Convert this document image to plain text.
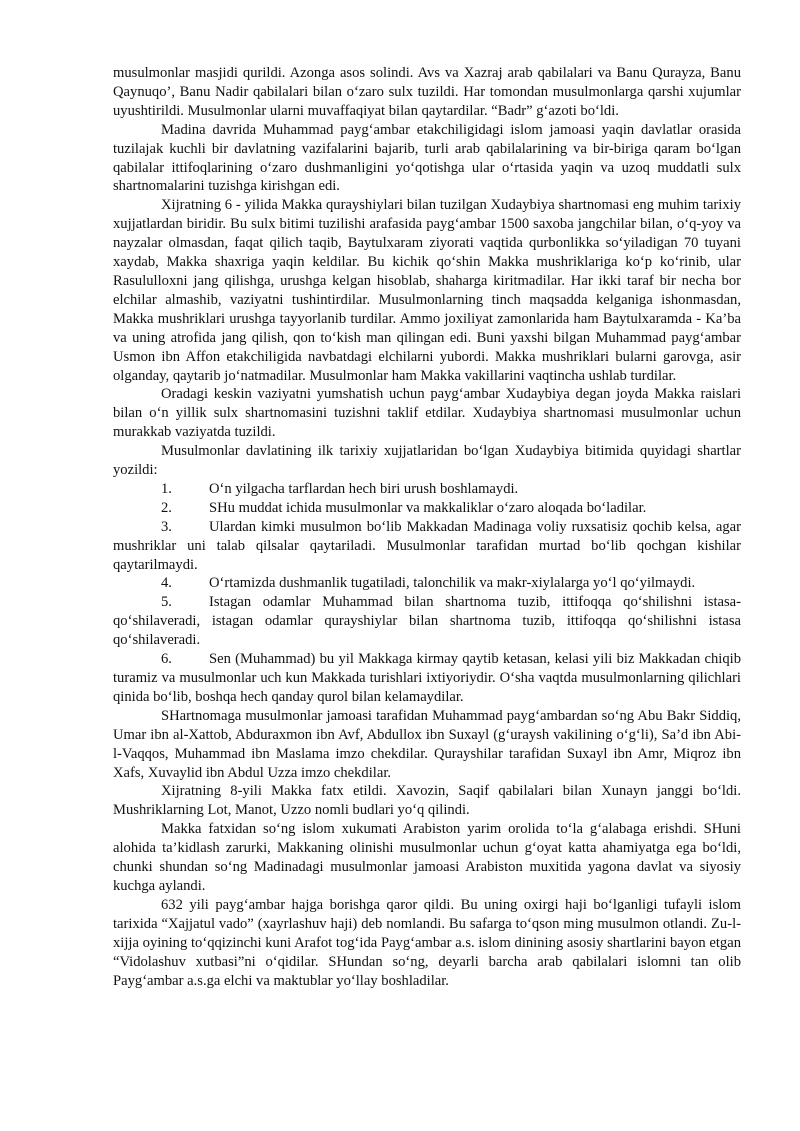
musulmonlar masjidi qurildi. Azonga asos solindi. Avs va Xazraj arab qabilalari va Banu Qurayza, Banu Qaynuqo’, Banu Nadir qabilalari bilan o‘zaro sulx tuzildi. Har tomondan musulmonlarga qarshi xujumlar uyushtirildi. Musulmonlar ularni muvaffaqiyat bilan qaytardilar. “Badr” g‘azoti bo‘ldi.

Madina davrida Muhammad payg‘ambar etakchiligidagi islom jamoasi yaqin davlatlar orasida tuzilajak kuchli bir davlatning vazifalarini bajarib, turli arab qabilalarining va bir-biriga qaram bo‘lgan qabilalar ittifoqlarining o‘zaro dushmanligini yo‘qotishga ular o‘rtasida yaqin va uzoq muddatli sulx shartnomalarini tuzishga kirishgan edi.

Xijratning 6 - yilida Makka qurayshiylari bilan tuzilgan Xudaybiya shartnomasi eng muhim tarixiy xujjatlardan biridir. Bu sulx bitimi tuzilishi arafasida payg‘ambar 1500 saxoba jangchilar bilan, o‘q-yoy va nayzalar olmasdan, faqat qilich taqib, Baytulxaram ziyorati vaqtida qurbonlikka so‘yiladigan 70 tuyani xaydab, Makka shaxriga yaqin keldilar. Bu kichik qo‘shin Makka mushriklariga ko‘p ko‘rinib, ular Rasululloxni jang qilishga, urushga kelgan hisoblab, shaharga kiritmadilar. Har ikki taraf bir necha bor elchilar almashib, vaziyatni tushintirdilar. Musulmonlarning tinch maqsadda kelganiga ishonmasdan, Makka mushriklari urushga tayyorlanib turdilar. Ammo joxiliyat zamonlarida ham Baytulxaramda - Ka’ba va uning atrofida jang qilish, qon to‘kish man qilingan edi. Buni yaxshi bilgan Muhammad payg‘ambar Usmon ibn Affon etakchiligida navbatdagi elchilarni yubordi. Makka mushriklari bularni garovga, asir olganday, qaytarib jo‘natmadilar. Musulmonlar ham Makka vakillarini vaqtincha ushlab turdilar.

Oradagi keskin vaziyatni yumshatish uchun payg‘ambar Xudaybiya degan joyda Makka raislari bilan o‘n yillik sulx shartnomasini tuzishni taklif etdilar. Xudaybiya shartnomasi musulmonlar uchun murakkab vaziyatda tuzildi.

Musulmonlar davlatining ilk tarixiy xujjatlaridan bo‘lgan Xudaybiya bitimida quyidagi shartlar yozildi:

1.	O‘n yilgacha tarflardan hech biri urush boshlamaydi.

2.	SHu muddat ichida musulmonlar va makkaliklar o‘zaro aloqada bo‘ladilar.

3.	Ulardan kimki musulmon bo‘lib Makkadan Madinaga voliy ruxsatisiz qochib kelsa, agar mushriklar uni talab qilsalar qaytariladi. Musulmonlar tarafidan murtad bo‘lib qochgan kishilar qaytarilmaydi.

4.	O‘rtamizda dushmanlik tugatiladi, talonchilik va makr-xiylalarga yo‘l qo‘yilmaydi.

5.	Istagan odamlar Muhammad bilan shartnoma tuzib, ittifoqqa qo‘shilishni istasa-qo‘shilaveradi, istagan odamlar qurayshiylar bilan shartnoma tuzib, ittifoqqa qo‘shilishni istasa qo‘shilaveradi.

6.	Sen (Muhammad) bu yil Makkaga kirmay qaytib ketasan, kelasi yili biz Makkadan chiqib turamiz va musulmonlar uch kun Makkada turishlari ixtiyoriydir. O‘sha vaqtda musulmonlarning qilichlari qinida bo‘lib, boshqa hech qanday qurol bilan kelamaydilar.

SHartnomaga musulmonlar jamoasi tarafidan Muhammad payg‘ambardan so‘ng Abu Bakr Siddiq, Umar ibn al-Xattob, Abduraxmon ibn Avf, Abdullox ibn Suxayl (g‘uraysh vakilining o‘g‘li), Sa’d ibn Abi-l-Vaqqos, Muhammad ibn Maslama imzo chekdilar. Qurayshilar tarafidan Suxayl ibn Amr, Miqroz ibn Xafs, Xuvaylid ibn Abdul Uzza imzo chekdilar.

Xijratning 8-yili Makka fatx etildi. Xavozin, Saqif qabilalari bilan Xunayn janggi bo‘ldi. Mushriklarning Lot, Manot, Uzzo nomli budlari yo‘q qilindi.

Makka fatxidan so‘ng islom xukumati Arabiston yarim orolida to‘la g‘alabaga erishdi. SHuni alohida ta’kidlash zarurki, Makkaning olinishi musulmonlar uchun g‘oyat katta ahamiyatga ega bo‘ldi, chunki shundan so‘ng Madinadagi musulmonlar jamoasi Arabiston muxitida yagona davlat va siyosiy kuchga aylandi.

632 yili payg‘ambar hajga borishga qaror qildi. Bu uning oxirgi haji bo‘lganligi tufayli islom tarixida “Xajjatul vado” (xayrlashuv haji) deb nomlandi. Bu safarga to‘qson ming musulmon otlandi. Zu-l-xijja oyining to‘qqizinchi kuni Arafot tog‘ida Payg‘ambar a.s. islom dinining asosiy shartlarini bayon etgan “Vidolashuv xutbasi”ni o‘qidilar. SHundan so‘ng, deyarli barcha arab qabilalari islomni tan olib Payg‘ambar a.s.ga elchi va maktublar yo‘llay boshladilar.
